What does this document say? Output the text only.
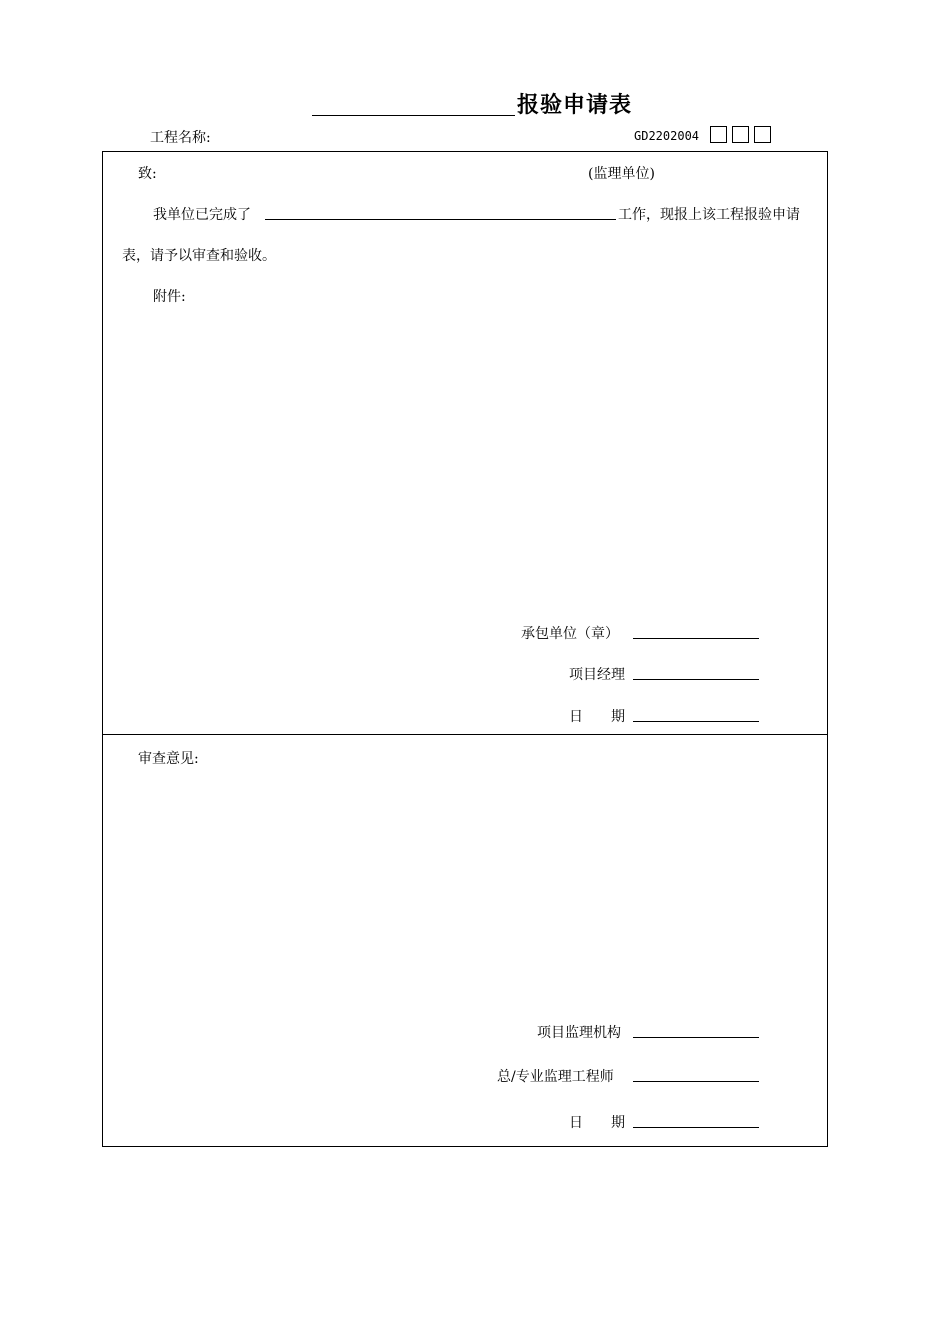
报验申请表
工程名称:	GD2202004
致:	(监理单位)
我单位已完成了	工作，现报上该工程报验申请
表，请予以审查和验收。
附件:
承包单位（章）
项目经理
日　　期
审查意见:
项目监理机构
总/专业监理工程师
日　　期
